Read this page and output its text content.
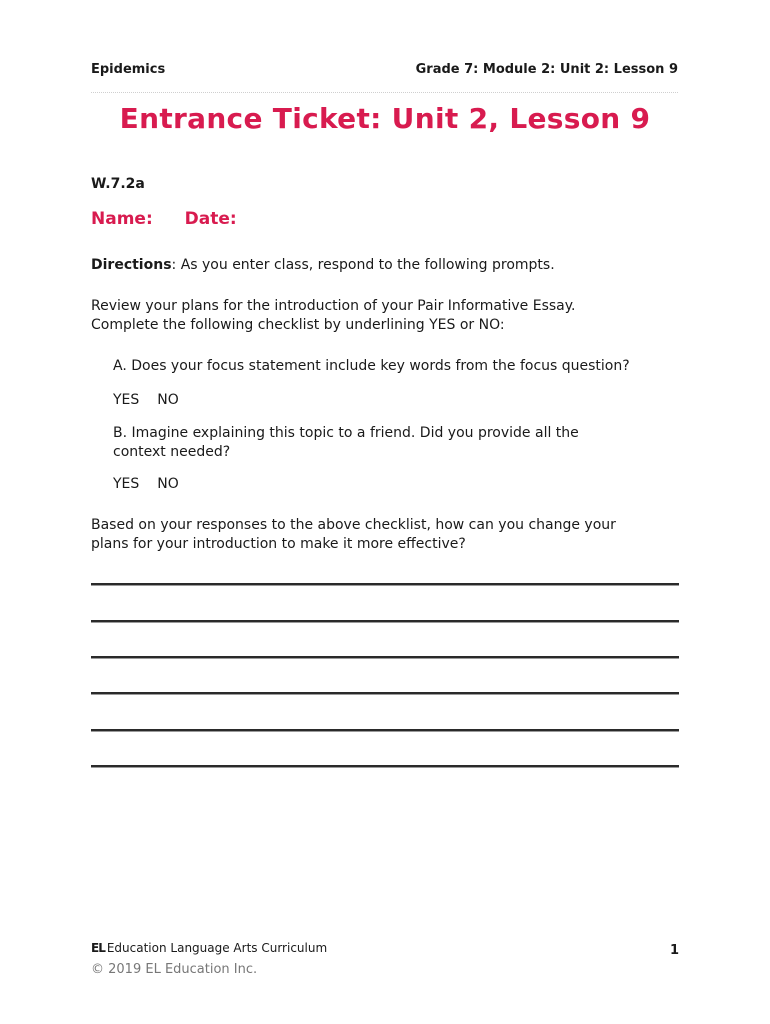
Epidemics	Grade 7: Module 2: Unit 2: Lesson 9
Entrance Ticket: Unit 2, Lesson 9
W.7.2a
Name: Date:
Directions: As you enter class, respond to the following prompts.
Review your plans for the introduction of your Pair Informative Essay.
Complete the following checklist by underlining YES or NO:
A. Does your focus statement include key words from the focus question?
YES NO
B. Imagine explaining this topic to a friend. Did you provide all the
context needed?
YES NO
Based on your responses to the above checklist, how can you change your
plans for your introduction to make it more effective?
EL Education Language Arts Curriculum	1
© 2019 EL Education Inc.
